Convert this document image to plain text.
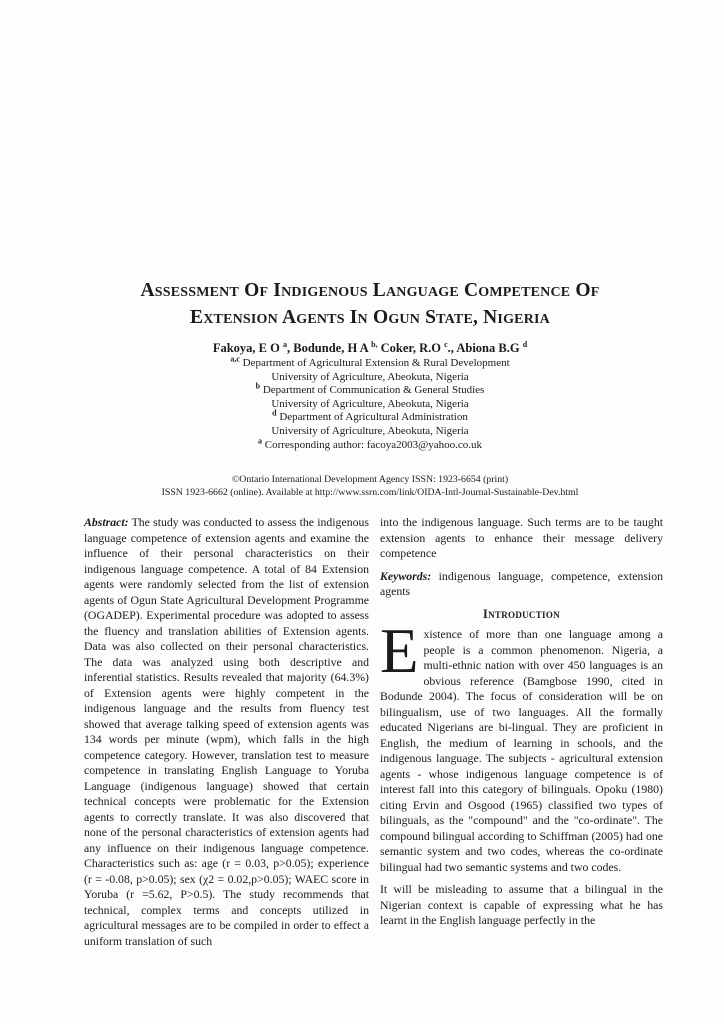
Assessment Of Indigenous Language Competence Of
Extension Agents In Ogun State, Nigeria

Fakoya, E O $^a$, Bodunde, H A $^{b,}$ Coker, R.O $^c$., Abiona B.G $^d$

$^{a,c}$ Department of Agricultural Extension & Rural Development

University of Agriculture, Abeokuta, Nigeria

$^b$ Department of Communication & General Studies

University of Agriculture, Abeokuta, Nigeria

$^d$ Department of Agricultural Administration

University of Agriculture, Abeokuta, Nigeria

$^a$ Corresponding author: facoya2003@yahoo.co.uk

©Ontario International Development Agency ISSN: 1923-6654 (print)

ISSN 1923-6662 (online). Available at http://www.ssrn.com/link/OIDA-Intl-Journal-Sustainable-Dev.html

Abstract: The study was conducted to assess the indigenous language competence of extension agents and examine the influence of their personal characteristics on their indigenous language competence. A total of 84 Extension agents were randomly selected from the list of extension agents of Ogun State Agricultural Development Programme (OGADEP). Experimental procedure was adopted to assess the fluency and translation abilities of Extension agents. Data was also collected on their personal characteristics. The data was analyzed using both descriptive and inferential statistics. Results revealed that majority (64.3%) of Extension agents were highly competent in the indigenous language and the results from fluency test showed that average talking speed of extension agents was 134 words per minute (wpm), which falls in the high competence category. However, translation test to measure competence in translating English Language to Yoruba Language (indigenous language) showed that certain technical concepts were problematic for the Extension agents to correctly translate. It was also discovered that none of the personal characteristics of extension agents had any influence on their indigenous language competence. Characteristics such as: age (r = 0.03, p>0.05); experience (r = -0.08, p>0.05); sex (χ2 = 0.02,p>0.05); WAEC score in Yoruba (r =5.62, P>0.5). The study recommends that technical, complex terms and concepts utilized in agricultural messages are to be compiled in order to effect a uniform translation of such

into the indigenous language. Such terms are to be taught extension agents to enhance their message delivery competence

Keywords: indigenous language, competence, extension agents

Introduction

Existence of more than one language among a people is a common phenomenon. Nigeria, a multi-ethnic nation with over 450 languages is an obvious reference (Bamgbose 1990, cited in Bodunde 2004). The focus of consideration will be on bilingualism, use of two languages. All the formally educated Nigerians are bi-lingual. They are proficient in English, the medium of learning in schools, and the indigenous language. The subjects - agricultural extension agents - whose indigenous language competence is of interest fall into this category of bilinguals. Opoku (1980) citing Ervin and Osgood (1965) classified two types of bilinguals, as the "compound" and the "co-ordinate". The compound bilingual according to Schiffman (2005) had one semantic system and two codes, whereas the co-ordinate bilingual had two semantic systems and two codes.

It will be misleading to assume that a bilingual in the Nigerian context is capable of expressing what he has learnt in the English language perfectly in the
